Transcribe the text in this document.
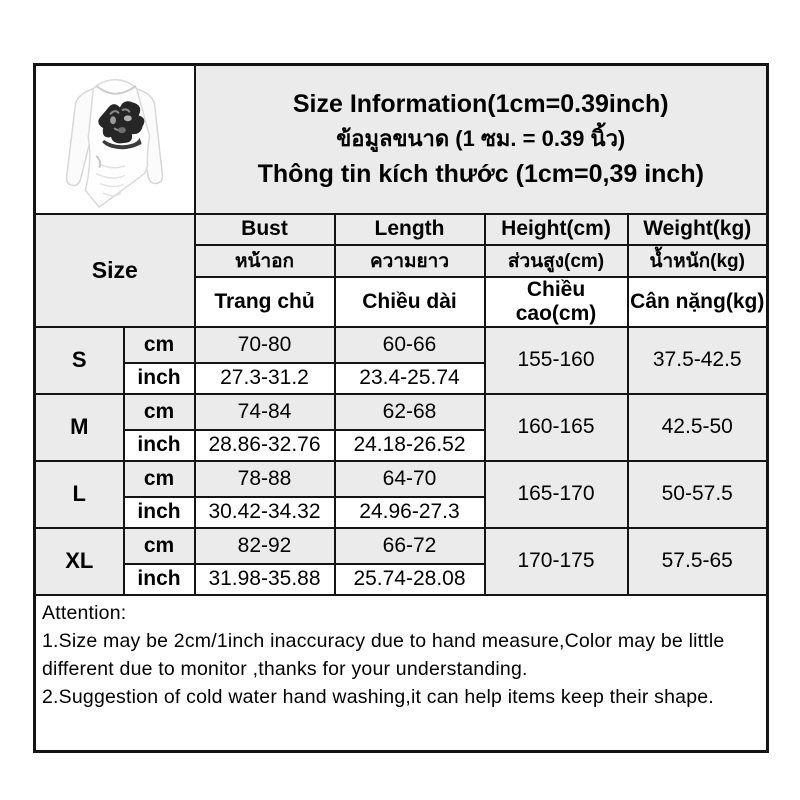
Size Information(1cm=0.39inch)
ข้อมูลขนาด (1 ซม. = 0.39 นิ้ว)
Thông tin kích thước (1cm=0,39 inch)			

Size		Bust	Length	Height(cm)	Weight(kg)
		หน้าอก	ความยาว	ส่วนสูง(cm)	น้ำหนัก(kg)
		Trang chủ	Chiều dài	Chiều cao(cm)	Cân nặng(kg)
S	cm	70-80	60-66	155-160	37.5-42.5
	inch	27.3-31.2	23.4-25.74		
M	cm	74-84	62-68	160-165	42.5-50
	inch	28.86-32.76	24.18-26.52		
L	cm	78-88	64-70	165-170	50-57.5
	inch	30.42-34.32	24.96-27.3		
XL	cm	82-92	66-72	170-175	57.5-65
	inch	31.98-35.88	25.74-28.08		

Attention:
1.Size may be 2cm/1inch inaccuracy due to hand measure,Color may be little different due to monitor ,thanks for your understanding.
2.Suggestion of cold water hand washing,it can help items keep their shape.					
